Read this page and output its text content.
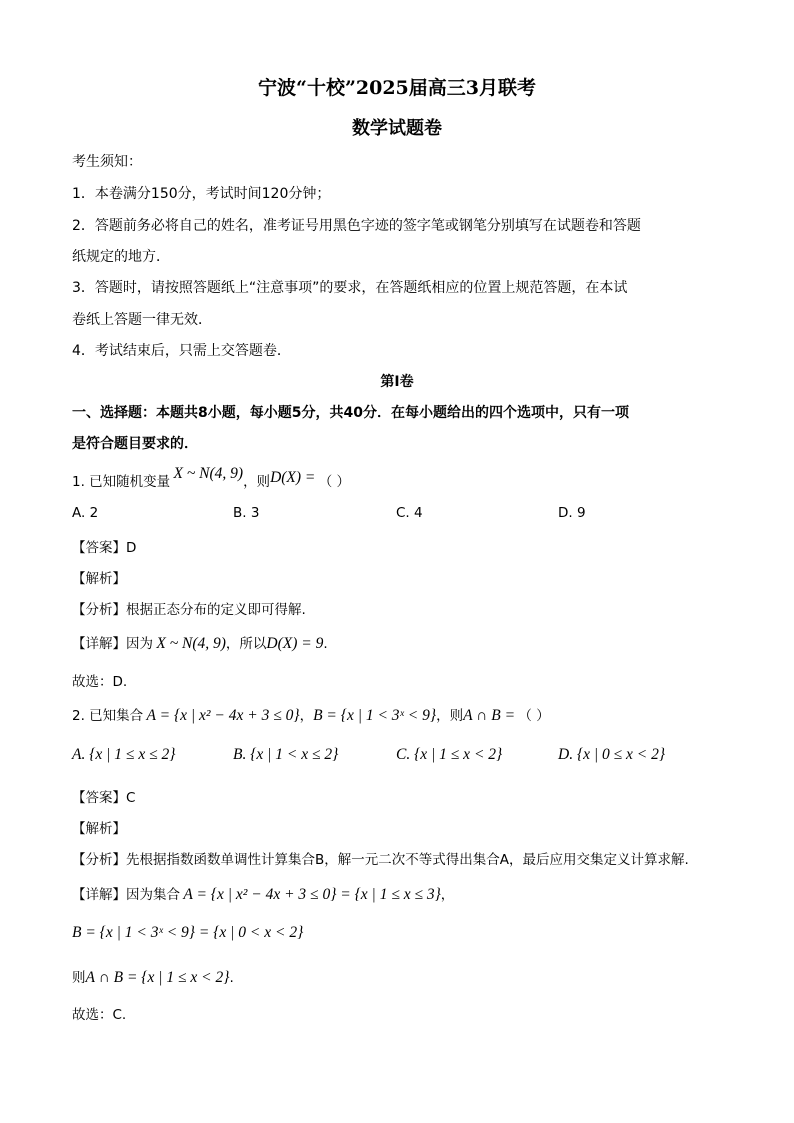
宁波“十校”2025届高三3月联考
数学试题卷
考生须知：
1．本卷满分150分，考试时间120分钟；
2．答题前务必将自己的姓名，准考证号用黑色字迹的签字笔或钢笔分别填写在试题卷和答题
纸规定的地方．
3．答题时，请按照答题纸上“注意事项”的要求，在答题纸相应的位置上规范答题，在本试
卷纸上答题一律无效．
4．考试结束后，只需上交答题卷．
第Ⅰ卷
一、选择题：本题共8小题，每小题5分，共40分．在每小题给出的四个选项中，只有一项
是符合题目要求的．
1. 已知随机变量 X ~ N(4, 9)，则D(X) = （ ）
A. 2	B. 3	C. 4	D. 9
【答案】D
【解析】
【分析】根据正态分布的定义即可得解.
【详解】因为 X ~ N(4, 9)，所以D(X) = 9.
故选：D.
2. 已知集合 A = {x | x² − 4x + 3 ≤ 0}，B = {x | 1 < 3ˣ < 9}，则A ∩ B = （ ）
A. {x | 1 ≤ x ≤ 2}	B. {x | 1 < x ≤ 2}	C. {x | 1 ≤ x < 2}	D. {x | 0 ≤ x < 2}
【答案】C
【解析】
【分析】先根据指数函数单调性计算集合B，解一元二次不等式得出集合A，最后应用交集定义计算求解.
【详解】因为集合 A = {x | x² − 4x + 3 ≤ 0} = {x | 1 ≤ x ≤ 3}，
B = {x | 1 < 3ˣ < 9} = {x | 0 < x < 2}
则A ∩ B = {x | 1 ≤ x < 2}.
故选：C.
